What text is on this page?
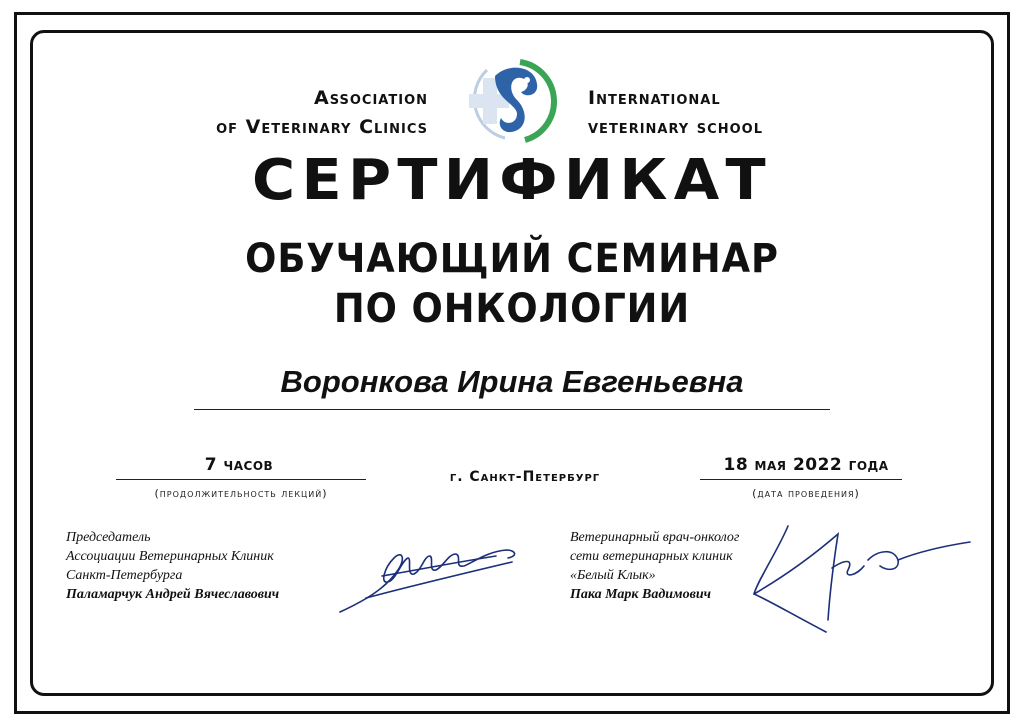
Association
of Veterinary Clinics
International
veterinary school
СЕРТИФИКАТ
ОБУЧАЮЩИЙ СЕМИНАР
ПО ОНКОЛОГИИ
Воронкова Ирина Евгеньевна
7 часов
(продолжительность лекций)
г. Санкт-Петербург
18 мая 2022 года
(дата проведения)
Председатель
Ассоциации Ветеринарных Клиник
Санкт-Петербурга
Паламарчук Андрей Вячеславович
Ветеринарный врач-онколог
сети ветеринарных клиник
«Белый Клык»
Пака Марк Вадимович
